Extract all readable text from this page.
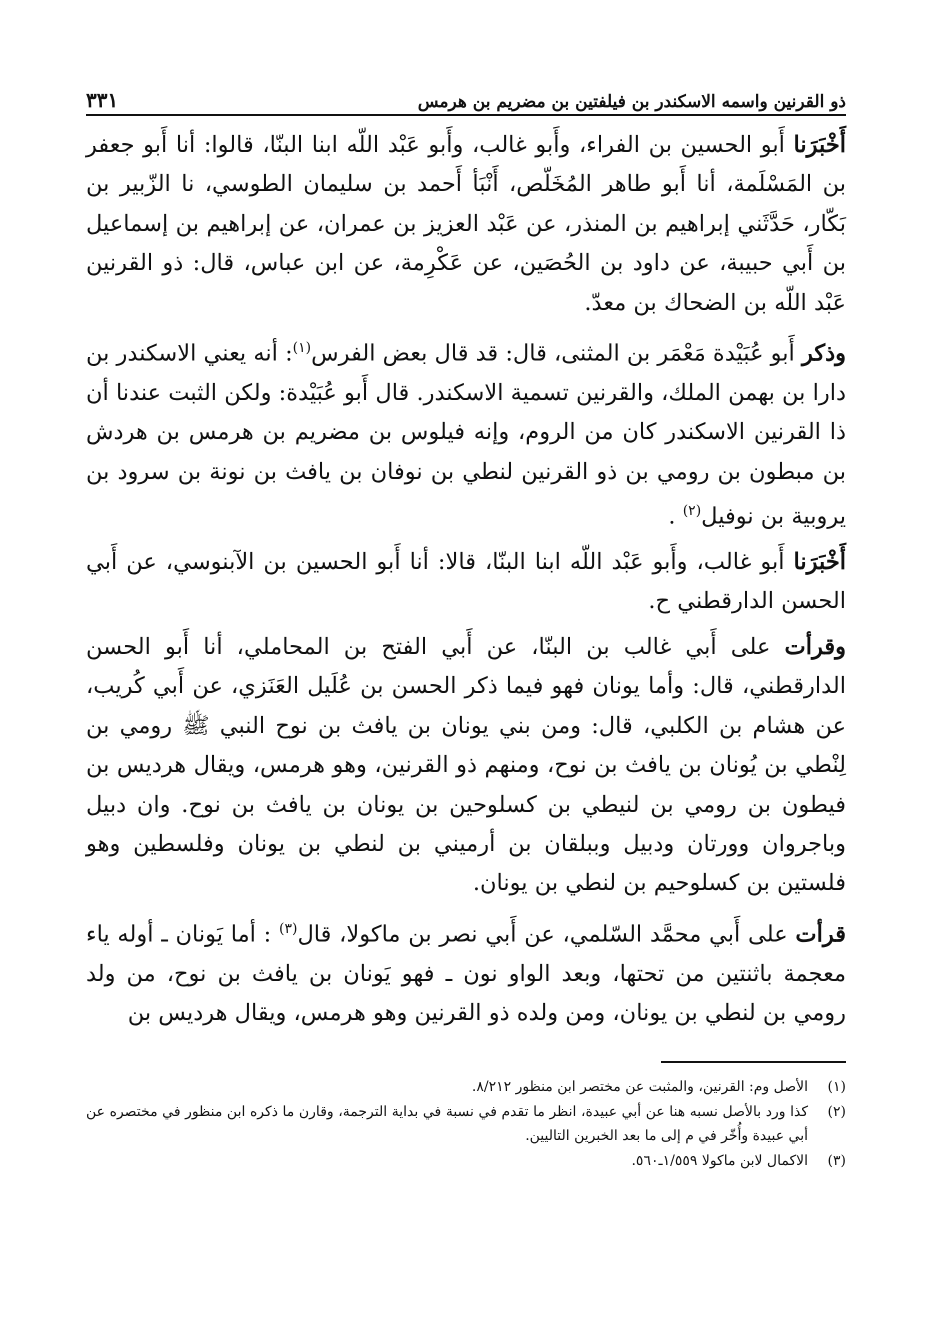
ذو القرنين واسمه الاسكندر بن فيلفتين بن مضريم بن هرمس
٣٣١

أَخْبَرَنا أَبو الحسين بن الفراء، وأَبو غالب، وأَبو عَبْد اللّه ابنا البنّا، قالوا: أنا أَبو جعفر بن المَسْلَمة، أنا أَبو طاهر المُخَلّص، أَنْبَأ أَحمد بن سليمان الطوسي، نا الزّبير بن بَكّار، حَدَّثَني إبراهيم بن المنذر، عن عَبْد العزيز بن عمران، عن إبراهيم بن إسماعيل بن أَبي حبيبة، عن داود بن الحُصَين، عن عَكْرِمة، عن ابن عباس، قال: ذو القرنين عَبْد اللّه بن الضحاك بن معدّ.

وذكر أَبو عُبَيْدة مَعْمَر بن المثنى، قال: قد قال بعض الفرس$^{(١)}$: أنه يعني الاسكندر بن دارا بن بهمن الملك، والقرنين تسمية الاسكندر. قال أَبو عُبَيْدة: ولكن الثبت عندنا أن ذا القرنين الاسكندر كان من الروم، وإنه فيلوس بن مضريم بن هرمس بن هردش بن مبطون بن رومي بن ذو القرنين لنطي بن نوفان بن يافث بن نونة بن سرود بن يروبية بن نوفيل$^{(٢)}$ .

أَخْبَرَنا أَبو غالب، وأَبو عَبْد اللّه ابنا البنّا، قالا: أنا أَبو الحسين بن الآبنوسي، عن أَبي الحسن الدارقطني ح.

وقرأت على أَبي غالب بن البنّا، عن أَبي الفتح بن المحاملي، أنا أَبو الحسن الدارقطني، قال: وأما يونان فهو فيما ذكر الحسن بن عُلَيل العَنَزي، عن أَبي كُريب، عن هشام بن الكلبي، قال: ومن بني يونان بن يافث بن نوح النبي ﷺ رومي بن لِنْطي بن يُونان بن يافث بن نوح، ومنهم ذو القرنين، وهو هرمس، ويقال هرديس بن فيطون بن رومي بن لنيطي بن كسلوحين بن يونان بن يافث بن نوح. وان دبيل وباجروان وورتان ودبيل وببلقان بن أرميني بن لنطي بن يونان وفلسطين وهو فلستين بن كسلوحيم بن لنطي بن يونان.

قرأت على أَبي محمَّد السّلمي، عن أَبي نصر بن ماكولا، قال$^{(٣)}$ : أما يَونان ـ أوله ياء معجمة باثنتين من تحتها، وبعد الواو نون ـ فهو يَونان بن يافث بن نوح، من ولد رومي بن لنطي بن يونان، ومن ولده ذو القرنين وهو هرمس، ويقال هرديس بن

(١)
الأصل وم: القرنين، والمثبت عن مختصر ابن منظور ٨/٢١٢.
(٢)
كذا ورد بالأصل نسبه هنا عن أبي عبيدة، انظر ما تقدم في نسبة في بداية الترجمة، وقارن ما ذكره ابن منظور في مختصره عن أبي عبيدة وأُخّر في م إلى ما بعد الخبرين التاليين.
(٣)
الاكمال لابن ماكولا ١/٥٥٩ـ٥٦٠.
